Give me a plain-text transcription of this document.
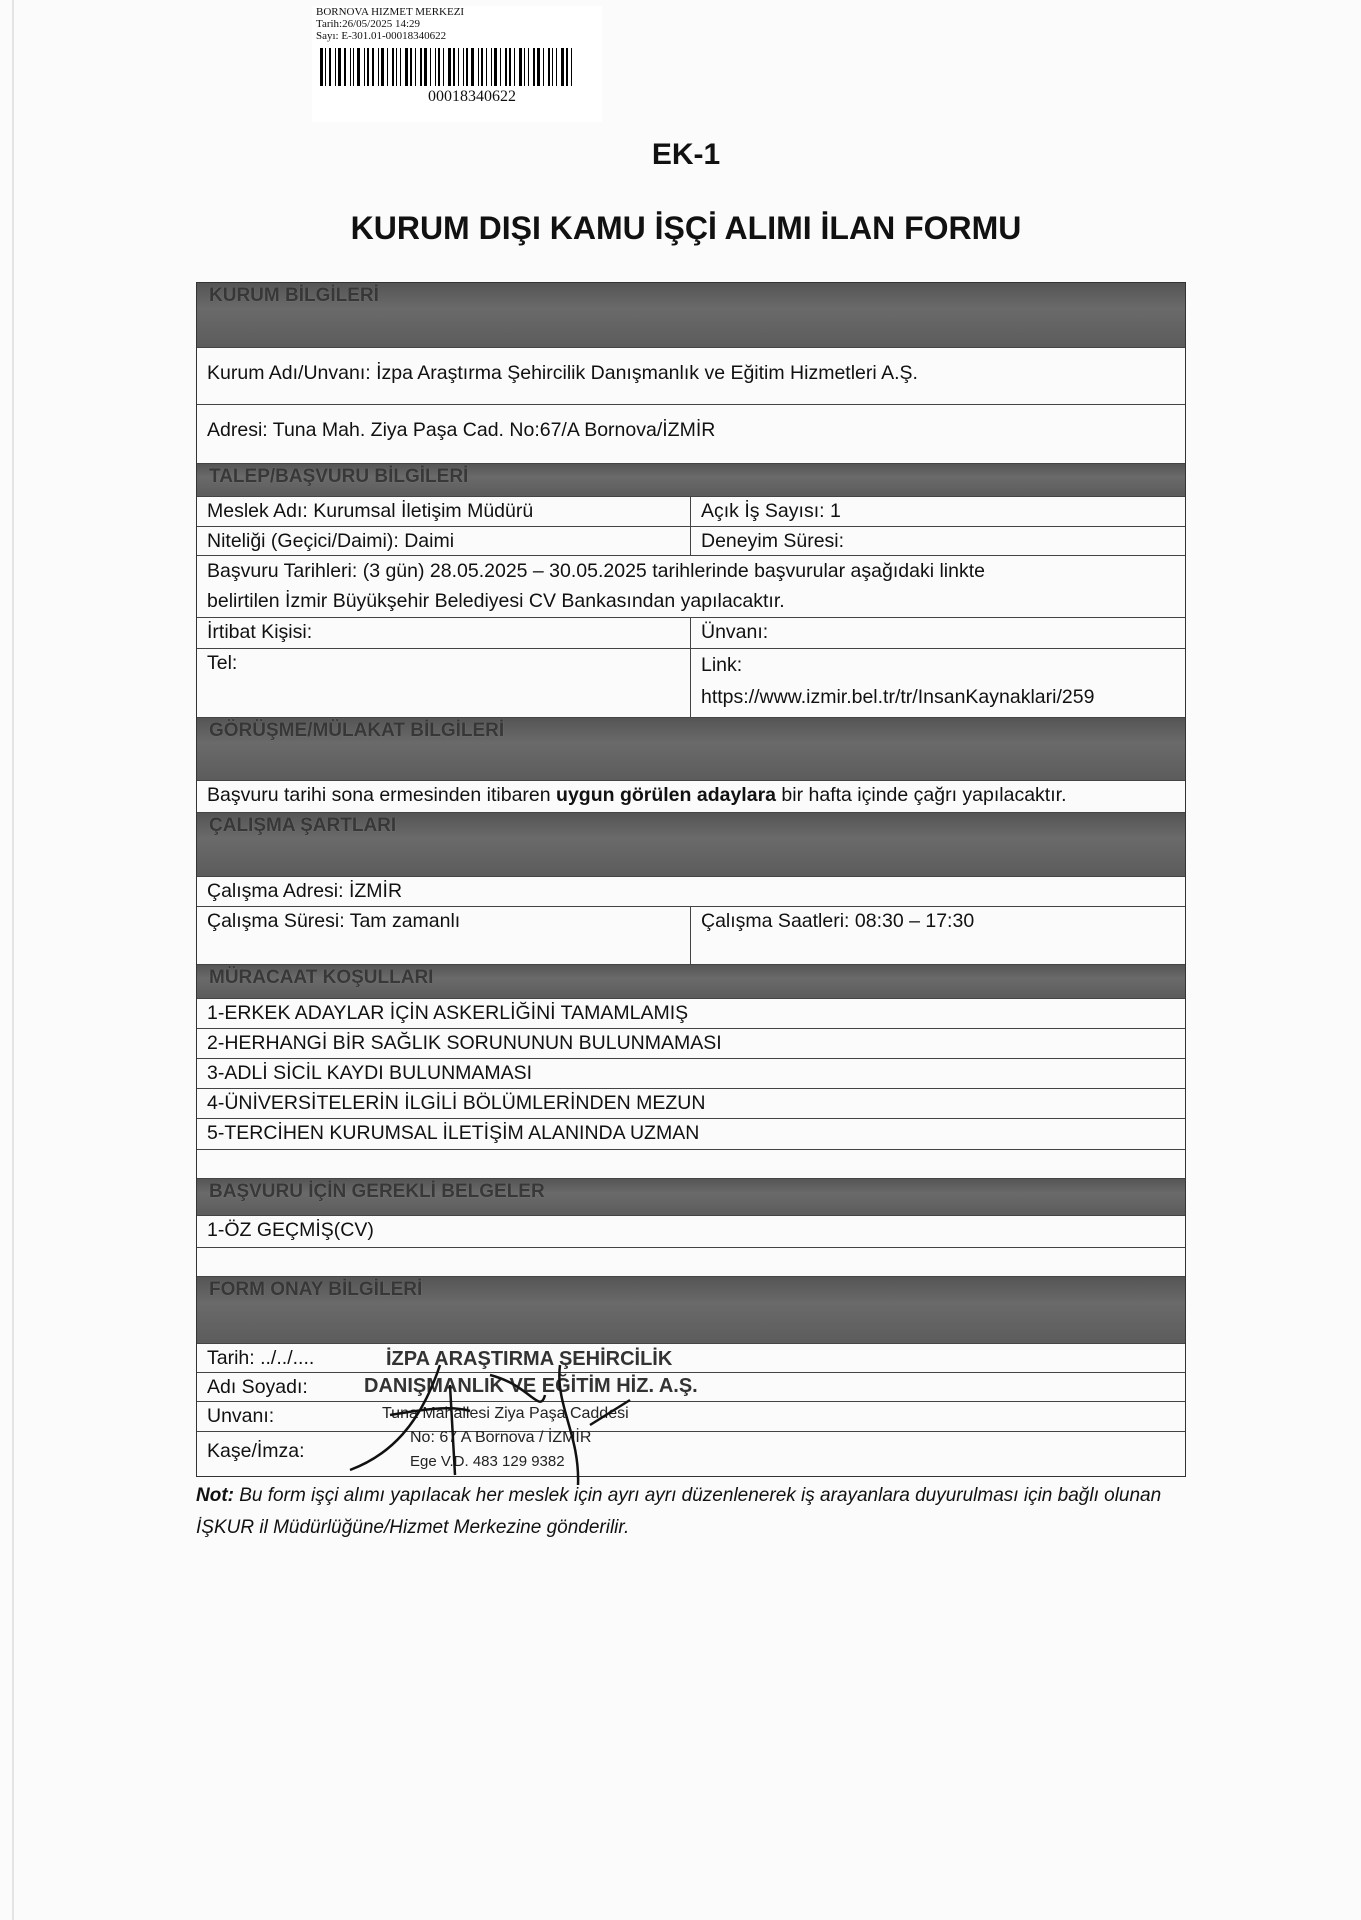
BORNOVA HIZMET MERKEZI
Tarih:26/05/2025 14:29
Sayı: E-301.01-00018340622
00018340622
EK-1
KURUM DIŞI KAMU İŞÇİ ALIMI İLAN FORMU
KURUM BİLGİLERİ
Kurum Adı/Unvanı: İzpa Araştırma Şehircilik Danışmanlık ve Eğitim Hizmetleri A.Ş.
Adresi: Tuna Mah. Ziya Paşa Cad. No:67/A Bornova/İZMİR
TALEP/BAŞVURU BİLGİLERİ
Meslek Adı: Kurumsal İletişim Müdürü	Açık İş Sayısı: 1
Niteliği (Geçici/Daimi): Daimi	Deneyim Süresi:
Başvuru Tarihleri: (3 gün) 28.05.2025 – 30.05.2025 tarihlerinde başvurular aşağıdaki linkte
belirtilen İzmir Büyükşehir Belediyesi CV Bankasından yapılacaktır.
İrtibat Kişisi:	Ünvanı:
Tel:	Link:
https://www.izmir.bel.tr/tr/InsanKaynaklari/259
GÖRÜŞME/MÜLAKAT BİLGİLERİ
Başvuru tarihi sona ermesinden itibaren uygun görülen adaylara bir hafta içinde çağrı yapılacaktır.
ÇALIŞMA ŞARTLARI
Çalışma Adresi: İZMİR
Çalışma Süresi: Tam zamanlı	Çalışma Saatleri: 08:30 – 17:30
MÜRACAAT KOŞULLARI
1-ERKEK ADAYLAR İÇİN ASKERLİĞİNİ TAMAMLAMIŞ
2-HERHANGİ BİR SAĞLIK SORUNUNUN BULUNMAMASI
3-ADLİ SİCİL KAYDI BULUNMAMASI
4-ÜNİVERSİTELERİN İLGİLİ BÖLÜMLERİNDEN MEZUN
5-TERCİHEN KURUMSAL İLETİŞİM ALANINDA UZMAN
BAŞVURU İÇİN GEREKLİ BELGELER
1-ÖZ GEÇMİŞ(CV)
FORM ONAY BİLGİLERİ
Tarih: ../../....
Adı Soyadı:
Unvanı:
Kaşe/İmza:
İZPA ARAŞTIRMA ŞEHİRCİLİK
DANIŞMANLIK VE EĞİTİM HİZ. A.Ş.
Tuna Mahallesi Ziya Paşa Caddesi
No: 67 A Bornova / İZMİR
Ege V.D. 483 129 9382
Not: Bu form işçi alımı yapılacak her meslek için ayrı ayrı düzenlenerek iş arayanlara duyurulması için bağlı olunan İŞKUR il Müdürlüğüne/Hizmet Merkezine gönderilir.
